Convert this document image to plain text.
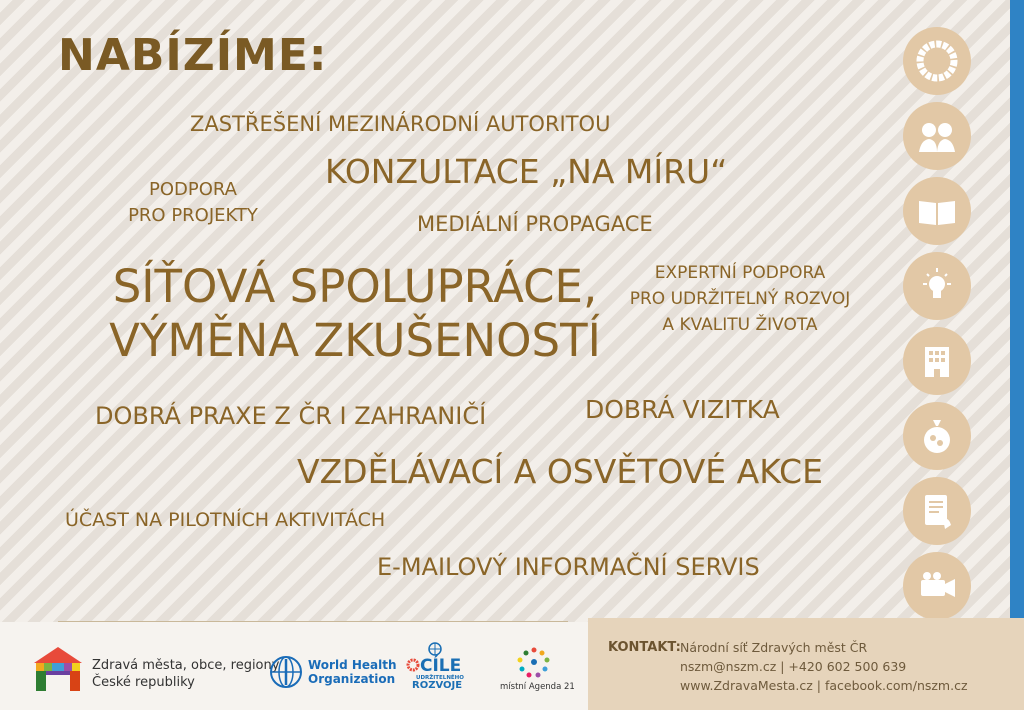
NABÍZÍME:
ZASTŘEŠENÍ MEZINÁRODNÍ AUTORITOU
KONZULTACE „NA MÍRU“
PODPORA
PRO PROJEKTY	MEDIÁLNÍ PROPAGACE
SÍŤOVÁ SPOLUPRÁCE,
VÝMĚNA ZKUŠENOSTÍ
EXPERTNÍ PODPORA
PRO UDRŽITELNÝ ROZVOJ
A KVALITU ŽIVOTA
DOBRÁ PRAXE Z ČR I ZAHRANIČÍ	DOBRÁ VIZITKA
VZDĚLÁVACÍ A OSVĚTOVÉ AKCE
ÚČAST NA PILOTNÍCH AKTIVITÁCH
E-MAILOVÝ INFORMAČNÍ SERVIS
Zdravá města, obce, regiony
České republiky
World Health
Organization
CÍLE
UDRŽITELNÉHO
ROZVOJE	místní Agenda 21
KONTAKT: Národní síť Zdravých měst ČR
nszm@nszm.cz | +420 602 500 639
www.ZdravaMesta.cz | facebook.com/nszm.cz
